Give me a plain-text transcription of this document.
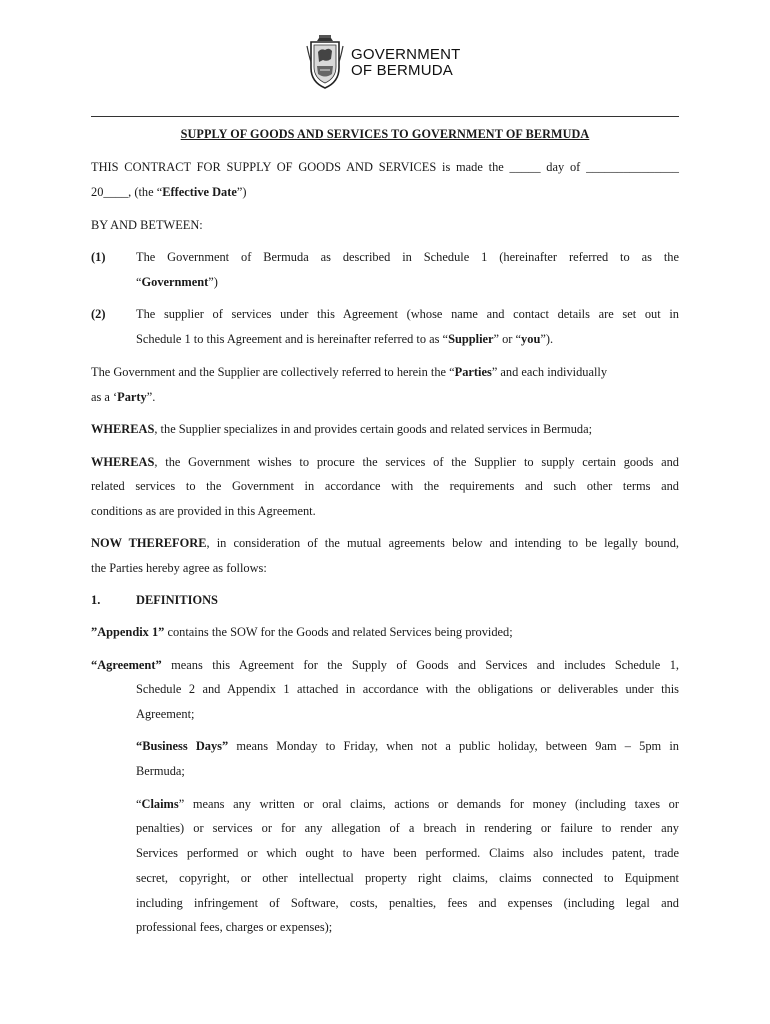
GOVERNMENT
OF BERMUDA
SUPPLY OF GOODS AND SERVICES TO GOVERNMENT OF BERMUDA
THIS CONTRACT FOR SUPPLY OF GOODS AND SERVICES is made the _____ day of _______________
20____, (the “Effective Date”)
BY AND BETWEEN:
(1) The Government of Bermuda as described in Schedule 1 (hereinafter referred to as the
“Government”)
(2) The supplier of services under this Agreement (whose name and contact details are set out in
Schedule 1 to this Agreement and is hereinafter referred to as “Supplier” or “you”).
The Government and the Supplier are collectively referred to herein the “Parties” and each individually
as a ‘Party”.
WHEREAS, the Supplier specializes in and provides certain goods and related services in Bermuda;
WHEREAS, the Government wishes to procure the services of the Supplier to supply certain goods and
related services to the Government in accordance with the requirements and such other terms and
conditions as are provided in this Agreement.
NOW THEREFORE, in consideration of the mutual agreements below and intending to be legally bound,
the Parties hereby agree as follows:
1.	DEFINITIONS
”Appendix 1” contains the SOW for the Goods and related Services being provided;
“Agreement” means this Agreement for the Supply of Goods and Services and includes Schedule 1,
Schedule 2 and Appendix 1 attached in accordance with the obligations or deliverables under this
Agreement;
“Business Days” means Monday to Friday, when not a public holiday, between 9am – 5pm in
Bermuda;
“Claims” means any written or oral claims, actions or demands for money (including taxes or
penalties) or services or for any allegation of a breach in rendering or failure to render any
Services performed or which ought to have been performed. Claims also includes patent, trade
secret, copyright, or other intellectual property right claims, claims connected to Equipment
including infringement of Software, costs, penalties, fees and expenses (including legal and
professional fees, charges or expenses);
